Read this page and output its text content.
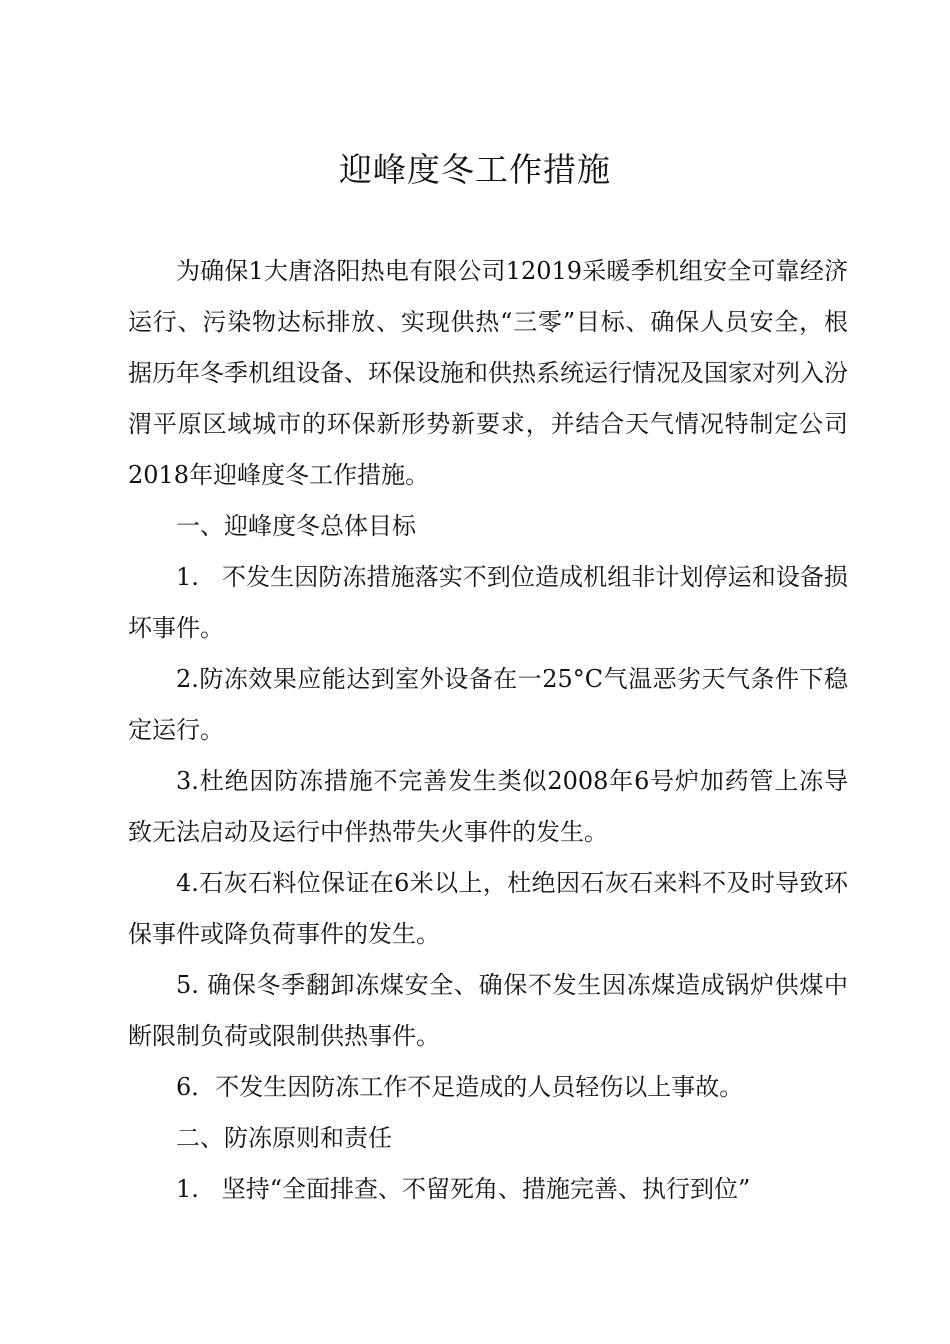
迎峰度冬工作措施

为确保1大唐洛阳热电有限公司12019采暖季机组安全可靠经济运行、污染物达标排放、实现供热“三零”目标、确保人员安全，根据历年冬季机组设备、环保设施和供热系统运行情况及国家对列入汾渭平原区域城市的环保新形势新要求，并结合天气情况特制定公司2018年迎峰度冬工作措施。

一、迎峰度冬总体目标

1.   不发生因防冻措施落实不到位造成机组非计划停运和设备损坏事件。

2.防冻效果应能达到室外设备在一25°C气温恶劣天气条件下稳定运行。

3.杜绝因防冻措施不完善发生类似2008年6号炉加药管上冻导致无法启动及运行中伴热带失火事件的发生。

4.石灰石料位保证在6米以上，杜绝因石灰石来料不及时导致环保事件或降负荷事件的发生。

5. 确保冬季翻卸冻煤安全、确保不发生因冻煤造成锅炉供煤中断限制负荷或限制供热事件。

6．不发生因防冻工作不足造成的人员轻伤以上事故。

二、防冻原则和责任

1.   坚持“全面排查、不留死角、措施完善、执行到位”
